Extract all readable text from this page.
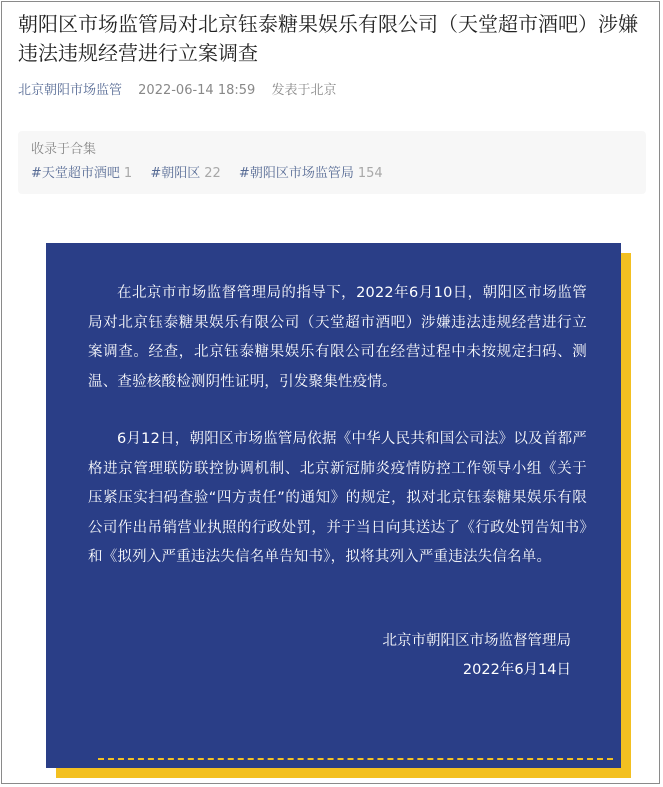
朝阳区市场监管局对北京钰泰糖果娱乐有限公司（天堂超市酒吧）涉嫌违法违规经营进行立案调查
北京朝阳市场监管 2022-06-14 18:59 发表于北京
收录于合集
#天堂超市酒吧 1 #朝阳区 22 #朝阳区市场监管局 154

在北京市市场监督管理局的指导下，2022年6月10日，朝阳区市场监管局对北京钰泰糖果娱乐有限公司（天堂超市酒吧）涉嫌违法违规经营进行立案调查。经查，北京钰泰糖果娱乐有限公司在经营过程中未按规定扫码、测温、查验核酸检测阴性证明，引发聚集性疫情。

6月12日，朝阳区市场监管局依据《中华人民共和国公司法》以及首都严格进京管理联防联控协调机制、北京新冠肺炎疫情防控工作领导小组《关于压紧压实扫码查验“四方责任”的通知》的规定，拟对北京钰泰糖果娱乐有限公司作出吊销营业执照的行政处罚，并于当日向其送达了《行政处罚告知书》和《拟列入严重违法失信名单告知书》，拟将其列入严重违法失信名单。

北京市朝阳区市场监督管理局
2022年6月14日
